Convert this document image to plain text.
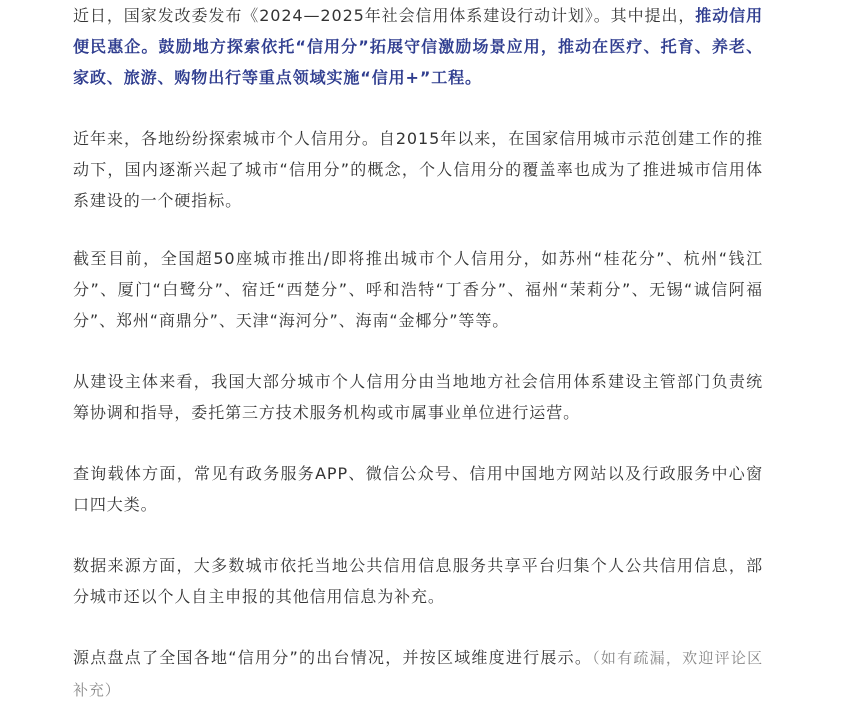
近日，国家发改委发布《2024—2025年社会信用体系建设行动计划》。其中提出，推动信用便民惠企。鼓励地方探索依托“信用分”拓展守信激励场景应用，推动在医疗、托育、养老、家政、旅游、购物出行等重点领域实施“信用+”工程。

近年来，各地纷纷探索城市个人信用分。自2015年以来，在国家信用城市示范创建工作的推动下，国内逐渐兴起了城市“信用分”的概念，个人信用分的覆盖率也成为了推进城市信用体系建设的一个硬指标。

截至目前，全国超50座城市推出/即将推出城市个人信用分，如苏州“桂花分”、杭州“钱江分”、厦门“白鹭分”、宿迁“西楚分”、呼和浩特“丁香分”、福州“茉莉分”、无锡“诚信阿福分”、郑州“商鼎分”、天津“海河分”、海南“金椰分”等等。

从建设主体来看，我国大部分城市个人信用分由当地地方社会信用体系建设主管部门负责统筹协调和指导，委托第三方技术服务机构或市属事业单位进行运营。

查询载体方面，常见有政务服务APP、微信公众号、信用中国地方网站以及行政服务中心窗口四大类。

数据来源方面，大多数城市依托当地公共信用信息服务共享平台归集个人公共信用信息，部分城市还以个人自主申报的其他信用信息为补充。

源点盘点了全国各地“信用分”的出台情况，并按区域维度进行展示。（如有疏漏，欢迎评论区补充）
